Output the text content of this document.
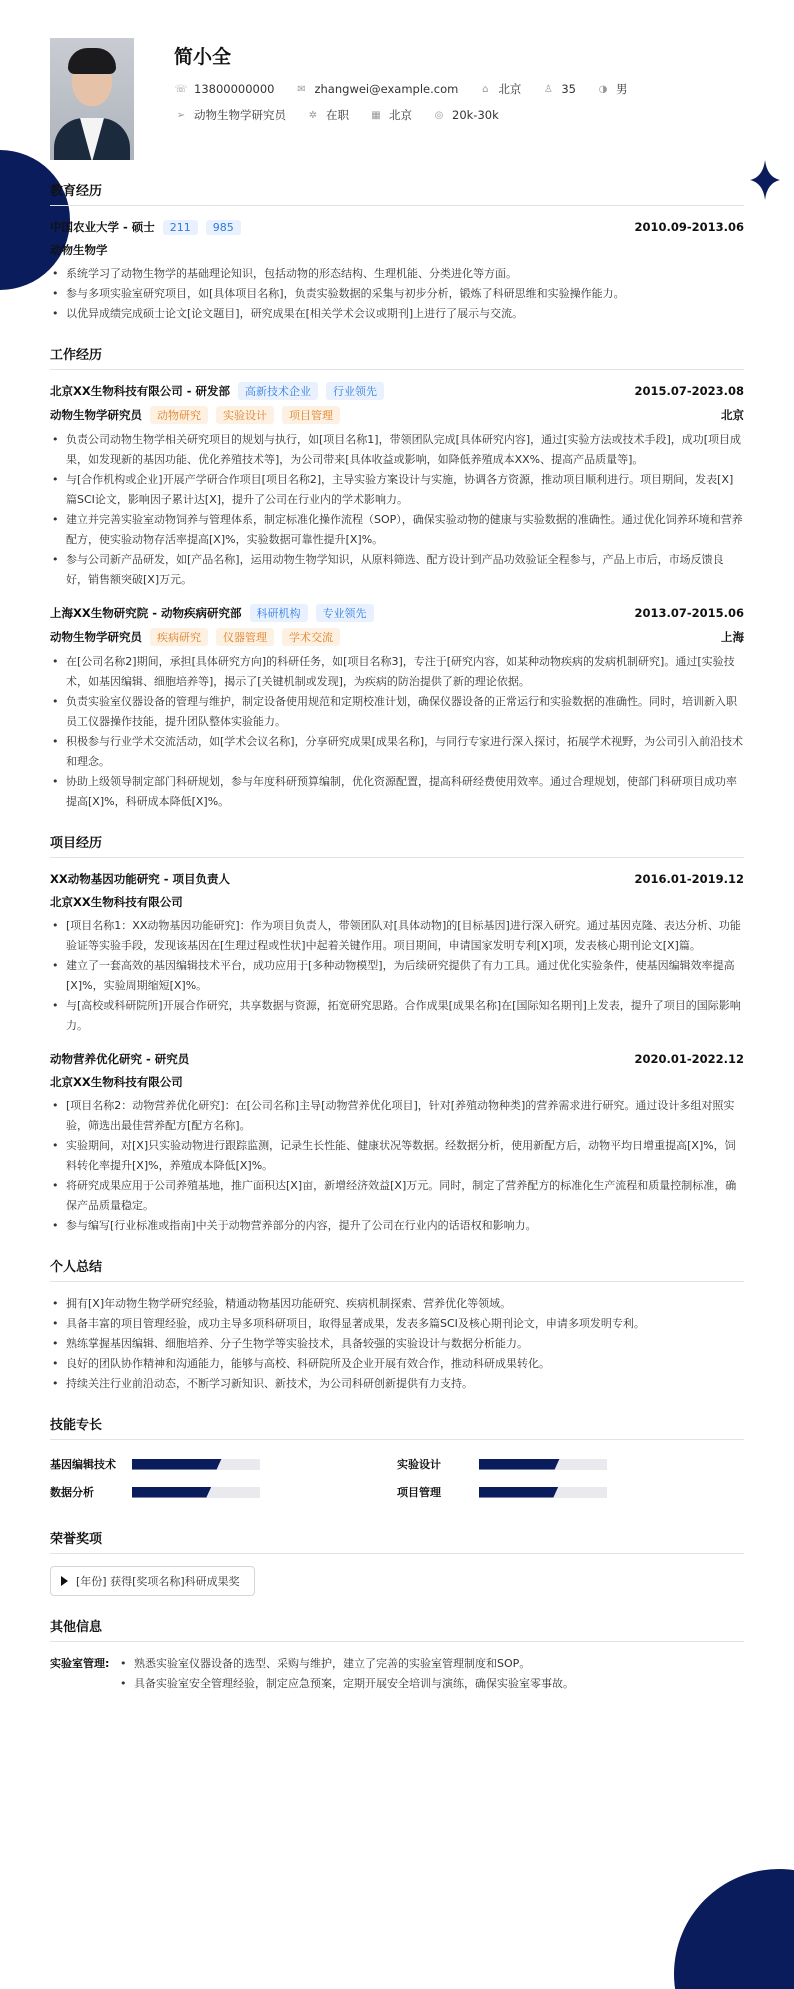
简小全
☏ 13800000000 ✉ zhangwei@example.com	⌂ 北京 ♙ 35 ◑ 男
➢ 动物生物学研究员 ✲ 在职 ▦ 北京 ◎ 20k-30k
教育经历
中国农业大学 - 硕士	211	985	2010.09-2013.06
动物生物学
• 系统学习了动物生物学的基础理论知识，包括动物的形态结构、生理机能、分类进化等方面。
• 参与多项实验室研究项目，如[具体项目名称]，负责实验数据的采集与初步分析，锻炼了科研思维和实验操作能力。
• 以优异成绩完成硕士论文[论文题目]，研究成果在[相关学术会议或期刊]上进行了展示与交流。
工作经历
北京XX生物科技有限公司 - 研发部	高新技术企业	行业领先	2015.07-2023.08
动物生物学研究员	动物研究	实验设计	项目管理	北京
• 负责公司动物生物学相关研究项目的规划与执行，如[项目名称1]，带领团队完成[具体研究内容]，通过[实验方法或技术手段]，成功[项目成果，如发现新的基因功能、优化养殖技术等]，为公司带来[具体收益或影响，如降低养殖成本XX%、提高产品质量等]。
• 与[合作机构或企业]开展产学研合作项目[项目名称2]，主导实验方案设计与实施，协调各方资源，推动项目顺利进行。项目期间，发表[X]篇SCI论文，影响因子累计达[X]，提升了公司在行业内的学术影响力。
• 建立并完善实验室动物饲养与管理体系，制定标准化操作流程（SOP），确保实验动物的健康与实验数据的准确性。通过优化饲养环境和营养配方，使实验动物存活率提高[X]%，实验数据可靠性提升[X]%。
• 参与公司新产品研发，如[产品名称]，运用动物生物学知识，从原料筛选、配方设计到产品功效验证全程参与，产品上市后，市场反馈良好，销售额突破[X]万元。
上海XX生物研究院 - 动物疾病研究部	科研机构	专业领先	2013.07-2015.06
动物生物学研究员	疾病研究	仪器管理	学术交流	上海
• 在[公司名称2]期间，承担[具体研究方向]的科研任务，如[项目名称3]，专注于[研究内容，如某种动物疾病的发病机制研究]。通过[实验技术，如基因编辑、细胞培养等]，揭示了[关键机制或发现]，为疾病的防治提供了新的理论依据。
• 负责实验室仪器设备的管理与维护，制定设备使用规范和定期校准计划，确保仪器设备的正常运行和实验数据的准确性。同时，培训新入职员工仪器操作技能，提升团队整体实验能力。
• 积极参与行业学术交流活动，如[学术会议名称]，分享研究成果[成果名称]，与同行专家进行深入探讨，拓展学术视野，为公司引入前沿技术和理念。
• 协助上级领导制定部门科研规划，参与年度科研预算编制，优化资源配置，提高科研经费使用效率。通过合理规划，使部门科研项目成功率提高[X]%，科研成本降低[X]%。
项目经历
XX动物基因功能研究 - 项目负责人	2016.01-2019.12
北京XX生物科技有限公司
• [项目名称1：XX动物基因功能研究]：作为项目负责人，带领团队对[具体动物]的[目标基因]进行深入研究。通过基因克隆、表达分析、功能验证等实验手段，发现该基因在[生理过程或性状]中起着关键作用。项目期间，申请国家发明专利[X]项，发表核心期刊论文[X]篇。
• 建立了一套高效的基因编辑技术平台，成功应用于[多种动物模型]，为后续研究提供了有力工具。通过优化实验条件，使基因编辑效率提高[X]%，实验周期缩短[X]%。
• 与[高校或科研院所]开展合作研究，共享数据与资源，拓宽研究思路。合作成果[成果名称]在[国际知名期刊]上发表，提升了项目的国际影响力。
动物营养优化研究 - 研究员	2020.01-2022.12
北京XX生物科技有限公司
• [项目名称2：动物营养优化研究]：在[公司名称]主导[动物营养优化项目]，针对[养殖动物种类]的营养需求进行研究。通过设计多组对照实验，筛选出最佳营养配方[配方名称]。
• 实验期间，对[X]只实验动物进行跟踪监测，记录生长性能、健康状况等数据。经数据分析，使用新配方后，动物平均日增重提高[X]%，饲料转化率提升[X]%，养殖成本降低[X]%。
• 将研究成果应用于公司养殖基地，推广面积达[X]亩，新增经济效益[X]万元。同时，制定了营养配方的标准化生产流程和质量控制标准，确保产品质量稳定。
• 参与编写[行业标准或指南]中关于动物营养部分的内容，提升了公司在行业内的话语权和影响力。
个人总结
• 拥有[X]年动物生物学研究经验，精通动物基因功能研究、疾病机制探索、营养优化等领域。
• 具备丰富的项目管理经验，成功主导多项科研项目，取得显著成果，发表多篇SCI及核心期刊论文，申请多项发明专利。
• 熟练掌握基因编辑、细胞培养、分子生物学等实验技术，具备较强的实验设计与数据分析能力。
• 良好的团队协作精神和沟通能力，能够与高校、科研院所及企业开展有效合作，推动科研成果转化。
• 持续关注行业前沿动态，不断学习新知识、新技术，为公司科研创新提供有力支持。
技能专长
基因编辑技术	实验设计
数据分析	项目管理
荣誉奖项
[年份] 获得[奖项名称]科研成果奖
其他信息
实验室管理:
•	熟悉实验室仪器设备的选型、采购与维护，建立了完善的实验室管理制度和SOP。
• 具备实验室安全管理经验，制定应急预案，定期开展安全培训与演练，确保实验室零事故。
